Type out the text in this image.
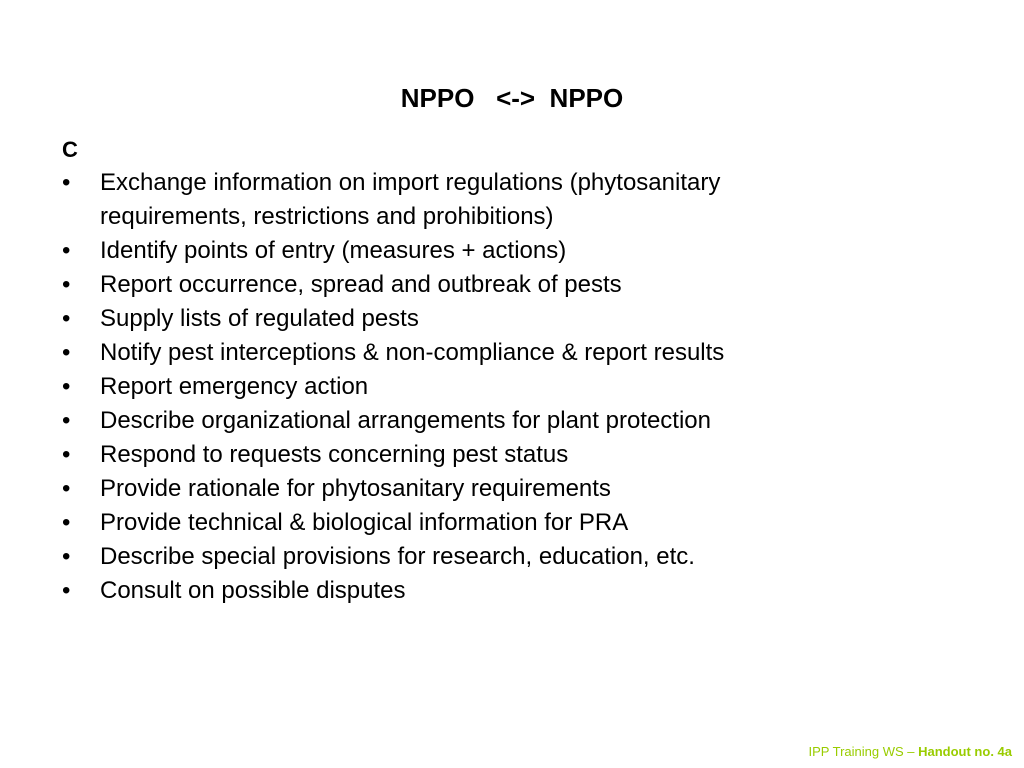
NPPO   <->  NPPO
C
•	Exchange information on import regulations (phytosanitary requirements, restrictions and prohibitions)
•	Identify points of entry (measures + actions)
•	Report occurrence, spread and outbreak of pests
•	Supply lists of regulated pests
•	Notify pest interceptions & non-compliance & report results
•	Report emergency action
•	Describe organizational arrangements for plant protection
•	Respond to requests concerning pest status
•	Provide rationale for phytosanitary requirements
•	Provide technical & biological information for PRA
•	Describe special provisions for research, education, etc.
•	Consult on possible disputes
IPP Training WS – Handout no. 4a
